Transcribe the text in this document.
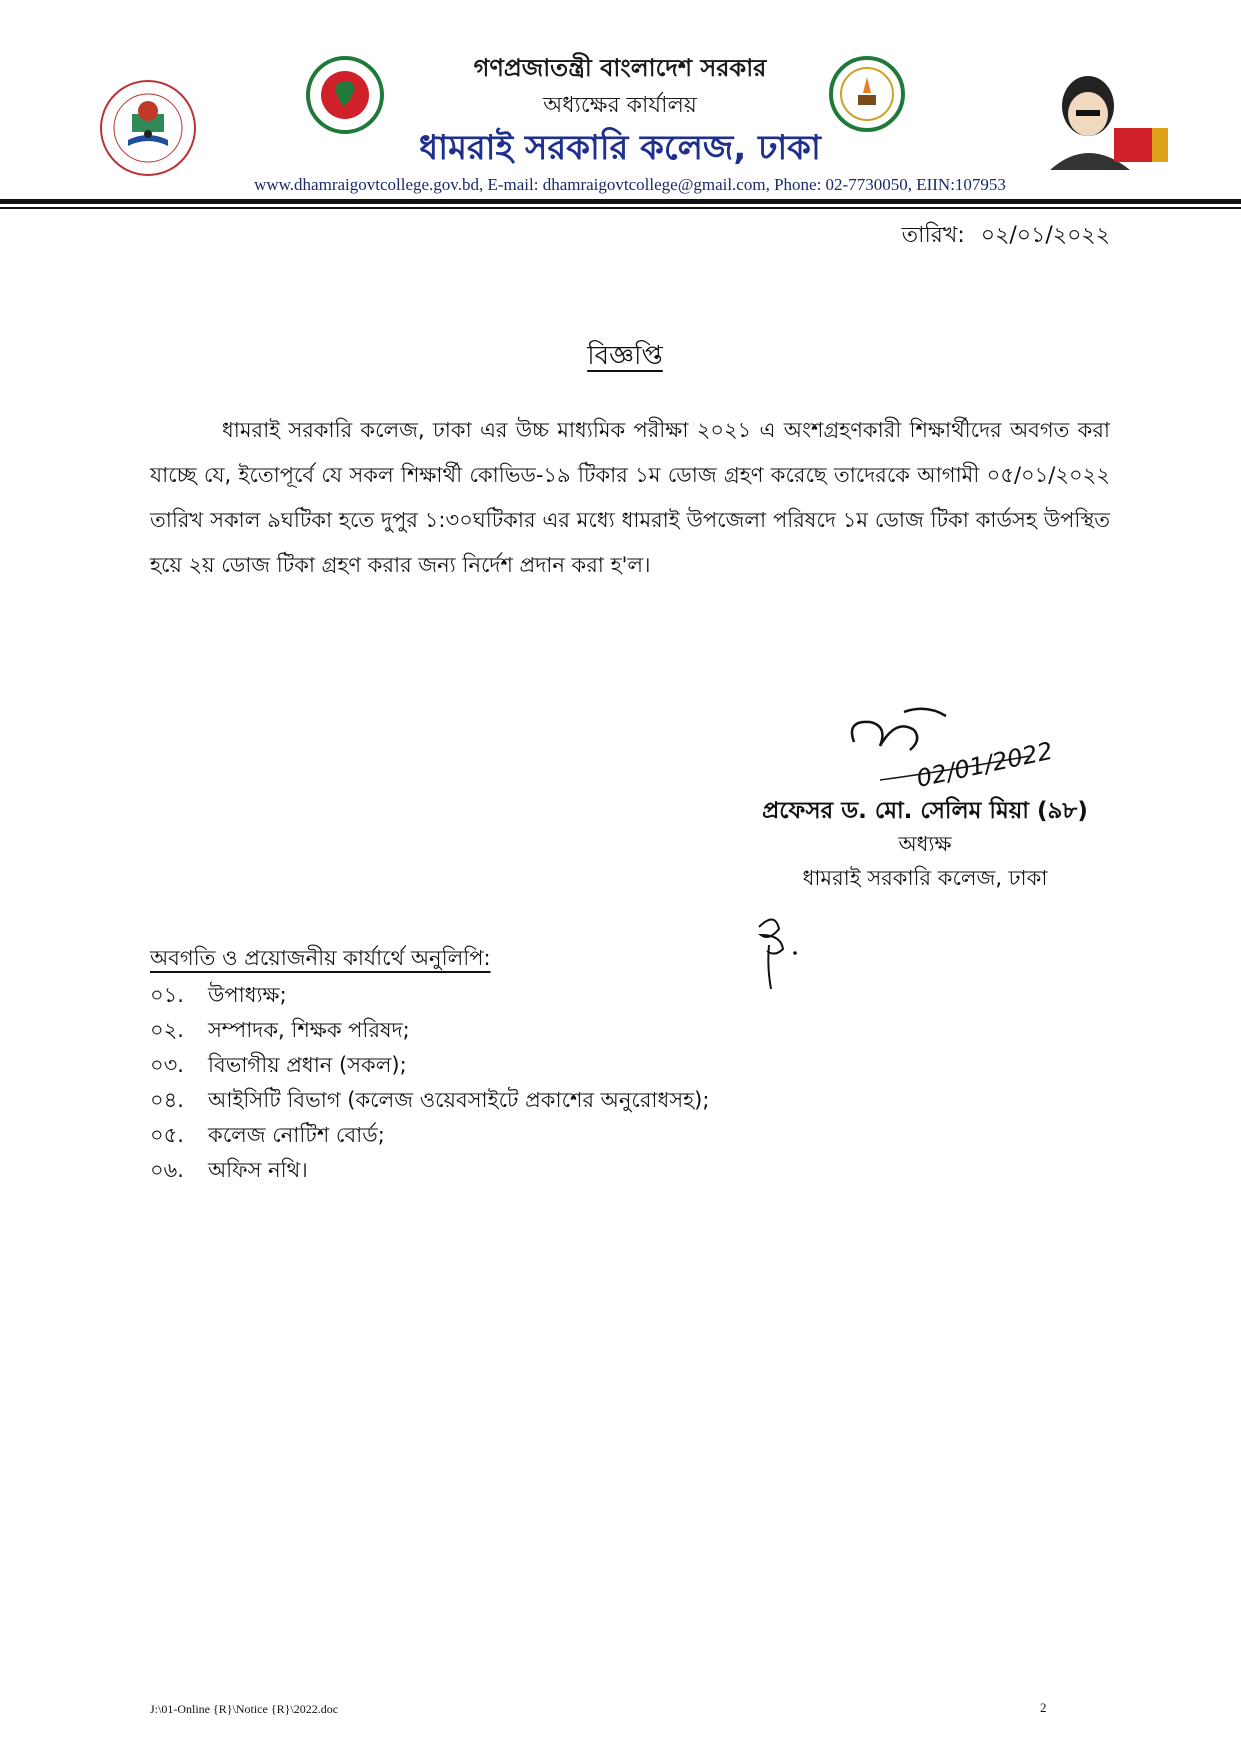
গণপ্রজাতন্ত্রী বাংলাদেশ সরকার
অধ্যক্ষের কার্যালয়
ধামরাই সরকারি কলেজ, ঢাকা
www.dhamraigovtcollege.gov.bd, E-mail: dhamraigovtcollege@gmail.com, Phone: 02-7730050, EIIN:107953
তারিখ: ০২/০১/২০২২
বিজ্ঞপ্তি
ধামরাই সরকারি কলেজ, ঢাকা এর উচ্চ মাধ্যমিক পরীক্ষা ২০২১ এ অংশগ্রহণকারী শিক্ষার্থীদের অবগত করা যাচ্ছে যে, ইতোপূর্বে যে সকল শিক্ষার্থী কোভিড-১৯ টিকার ১ম ডোজ গ্রহণ করেছে তাদেরকে আগামী ০৫/০১/২০২২ তারিখ সকাল ৯ঘটিকা হতে দুপুর ১:৩০ঘটিকার এর মধ্যে ধামরাই উপজেলা পরিষদে ১ম ডোজ টিকা কার্ডসহ উপস্থিত হয়ে ২য় ডোজ টিকা গ্রহণ করার জন্য নির্দেশ প্রদান করা হ'ল।
02/01/2022
প্রফেসর ড. মো. সেলিম মিয়া (৯৮)
অধ্যক্ষ
ধামরাই সরকারি কলেজ, ঢাকা
অবগতি ও প্রয়োজনীয় কার্যার্থে অনুলিপি:
০১.	উপাধ্যক্ষ;
০২.	সম্পাদক, শিক্ষক পরিষদ;
০৩.	বিভাগীয় প্রধান (সকল);
০৪.	আইসিটি বিভাগ (কলেজ ওয়েবসাইটে প্রকাশের অনুরোধসহ);
০৫.	কলেজ নোটিশ বোর্ড;
০৬.	অফিস নথি।
J:\01-Online {R}\Notice {R}\2022.doc	2
